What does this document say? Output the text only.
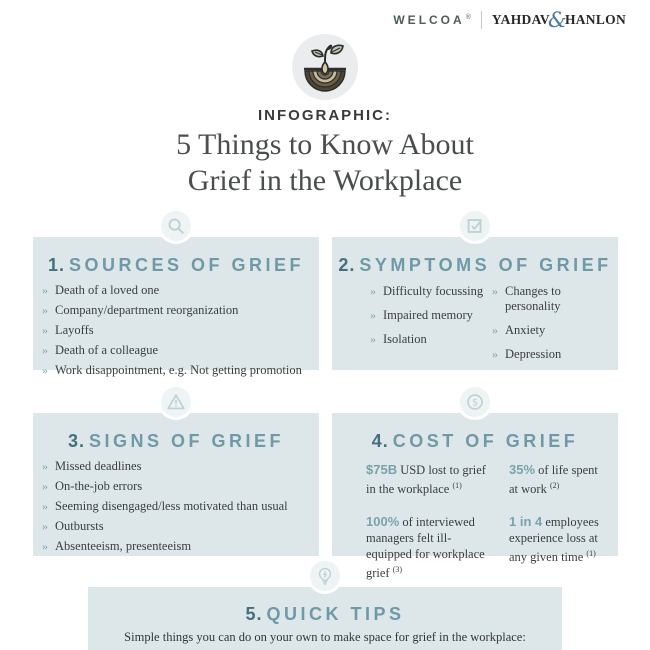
WELCOA® YAHDAV
&
HANLON
INFOGRAPHIC:
5 Things to Know About
Grief in the Workplace
1. SOURCES OF GRIEF
» Death of a loved one
» Company/department reorganization
» Layoffs
» Death of a colleague
» Work disappointment, e.g. Not getting promotion
2. SYMPTOMS OF GRIEF
» Difficulty focussing
» Impaired memory
» Isolation
» Changes to personality
» Anxiety
» Depression
3. SIGNS OF GRIEF
» Missed deadlines
» On-the-job errors
» Seeming disengaged/less motivated than usual
» Outbursts
» Absenteeism, presenteeism
$
4. COST OF GRIEF
$75B USD lost to grief in the workplace $^{(1)}$
35% of life spent at work $^{(2)}$
100% of interviewed managers felt ill-equipped for workplace grief $^{(3)}$
1 in 4 employees experience loss at any given time $^{(1)}$
5. QUICK TIPS
Simple things you can do on your own to make space for grief in the workplace:
